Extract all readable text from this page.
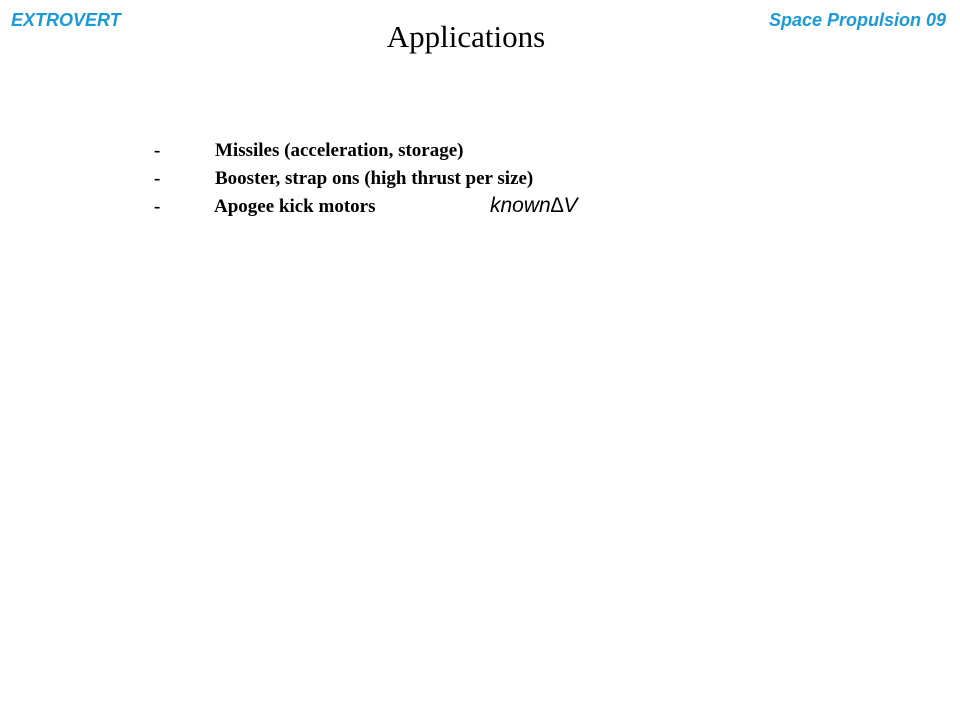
EXTROVERT	Space Propulsion 09
Applications
-	Missiles (acceleration, storage)
-	Booster, strap ons (high thrust per size)
-	Apogee kick motors	known∆V
